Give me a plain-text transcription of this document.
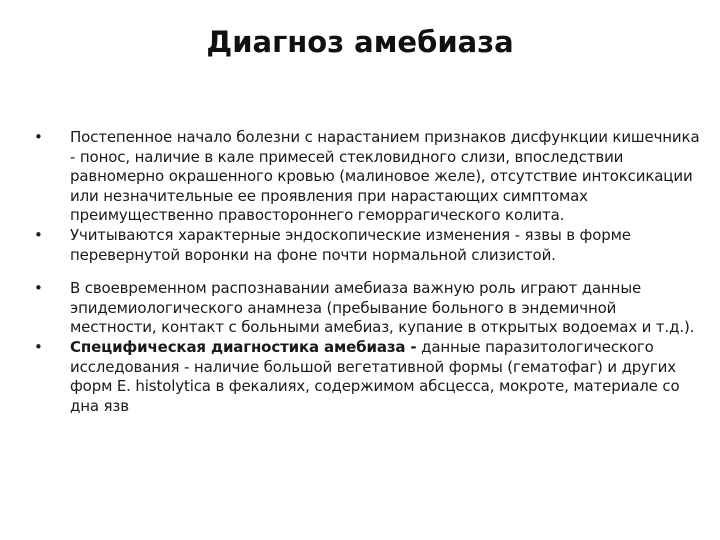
Диагноз амебиаза
•	Постепенное начало болезни с нарастанием признаков дисфункции кишечника - понос, наличие в кале примесей стекловидного слизи, впоследствии равномерно окрашенного кровью (малиновое желе), отсутствие интоксикации или незначительные ее проявления при нарастающих симптомах преимущественно правостороннего геморрагического колита.
•	Учитываются характерные эндоскопические изменения - язвы в форме перевернутой воронки на фоне почти нормальной слизистой.
•	В своевременном распознавании амебиаза важную роль играют данные эпидемиологического анамнеза (пребывание больного в эндемичной местности, контакт с больными амебиаз, купание в открытых водоемах и т.д.).
•	Специфическая диагностика амебиаза - данные паразитологического исследования - наличие большой вегетативной формы (гематофаг) и других форм E. histolytica в фекалиях, содержимом абсцесса, мокроте, материале со дна язв
